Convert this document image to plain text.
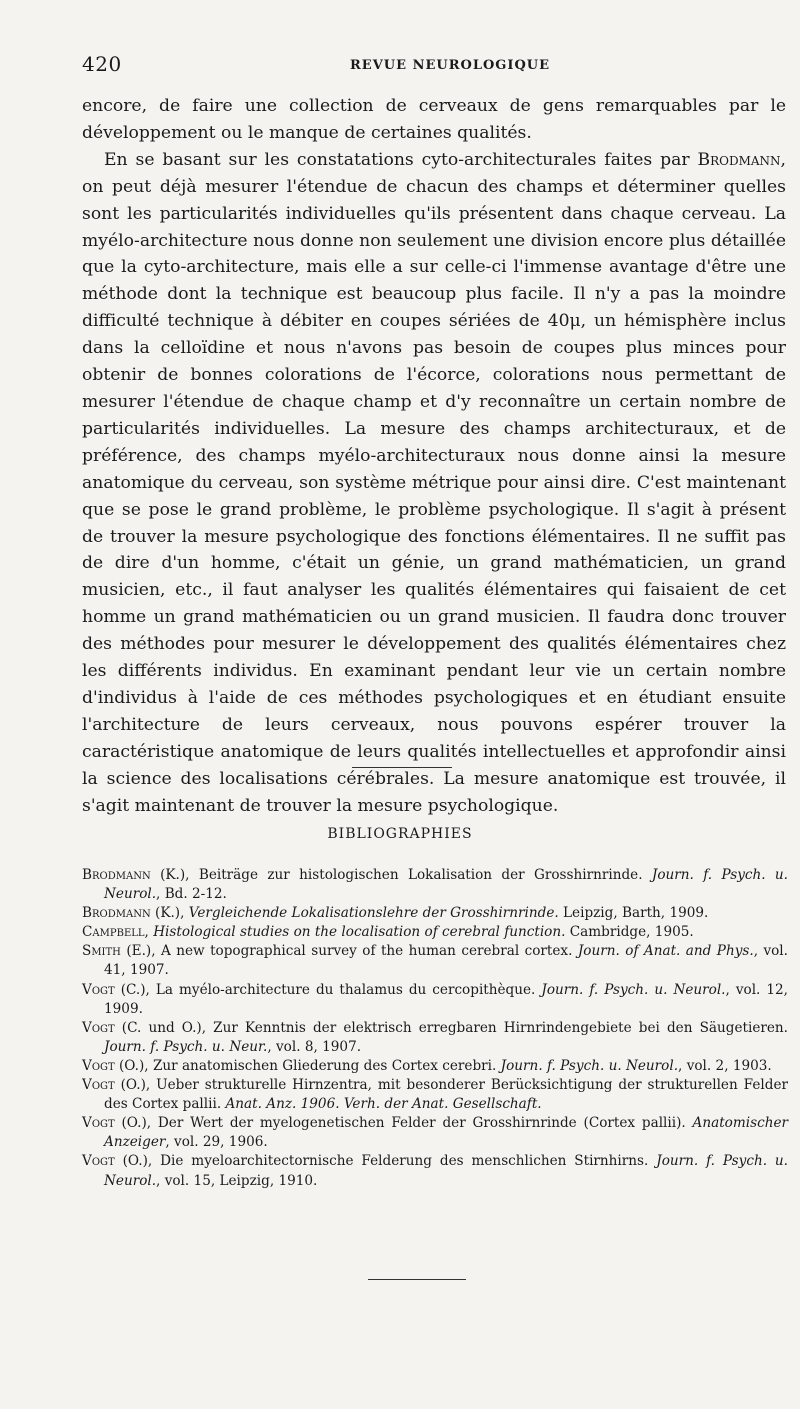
420	REVUE NEUROLOGIQUE

encore, de faire une collection de cerveaux de gens remarquables par le développement ou le manque de certaines qualités.

En se basant sur les constatations cyto-architecturales faites par Brodmann, on peut déjà mesurer l'étendue de chacun des champs et déterminer quelles sont les particularités individuelles qu'ils présentent dans chaque cerveau. La myélo-architecture nous donne non seulement une division encore plus détaillée que la cyto-architecture, mais elle a sur celle-ci l'immense avantage d'être une méthode dont la technique est beaucoup plus facile. Il n'y a pas la moindre difficulté technique à débiter en coupes sériées de 40μ, un hémisphère inclus dans la celloïdine et nous n'avons pas besoin de coupes plus minces pour obtenir de bonnes colorations de l'écorce, colorations nous permettant de mesurer l'étendue de chaque champ et d'y reconnaître un certain nombre de particularités individuelles. La mesure des champs architecturaux, et de préférence, des champs myélo-architecturaux nous donne ainsi la mesure anatomique du cerveau, son système métrique pour ainsi dire. C'est maintenant que se pose le grand problème, le problème psychologique. Il s'agit à présent de trouver la mesure psychologique des fonctions élémentaires. Il ne suffit pas de dire d'un homme, c'était un génie, un grand mathématicien, un grand musicien, etc., il faut analyser les qualités élémentaires qui faisaient de cet homme un grand mathématicien ou un grand musicien. Il faudra donc trouver des méthodes pour mesurer le développement des qualités élémentaires chez les différents individus. En examinant pendant leur vie un certain nombre d'individus à l'aide de ces méthodes psychologiques et en étudiant ensuite l'architecture de leurs cerveaux, nous pouvons espérer trouver la caractéristique anatomique de leurs qualités intellectuelles et approfondir ainsi la science des localisations cérébrales. La mesure anatomique est trouvée, il s'agit maintenant de trouver la mesure psychologique.

BIBLIOGRAPHIES

Brodmann (K.), Beiträge zur histologischen Lokalisation der Grosshirnrinde. Journ. f. Psych. u. Neurol., Bd. 2-12.

Brodmann (K.), Vergleichende Lokalisationslehre der Grosshirnrinde. Leipzig, Barth, 1909.

Campbell, Histological studies on the localisation of cerebral function. Cambridge, 1905.

Smith (E.), A new topographical survey of the human cerebral cortex. Journ. of Anat. and Phys., vol. 41, 1907.

Vogt (C.), La myélo-architecture du thalamus du cercopithèque. Journ. f. Psych. u. Neurol., vol. 12, 1909.

Vogt (C. und O.), Zur Kenntnis der elektrisch erregbaren Hirnrindengebiete bei den Säugetieren. Journ. f. Psych. u. Neur., vol. 8, 1907.

Vogt (O.), Zur anatomischen Gliederung des Cortex cerebri. Journ. f. Psych. u. Neurol., vol. 2, 1903.

Vogt (O.), Ueber strukturelle Hirnzentra, mit besonderer Berücksichtigung der strukturellen Felder des Cortex pallii. Anat. Anz. 1906. Verh. der Anat. Gesellschaft.

Vogt (O.), Der Wert der myelogenetischen Felder der Grosshirnrinde (Cortex pallii). Anatomischer Anzeiger, vol. 29, 1906.

Vogt (O.), Die myeloarchitectornische Felderung des menschlichen Stirnhirns. Journ. f. Psych. u. Neurol., vol. 15, Leipzig, 1910.
